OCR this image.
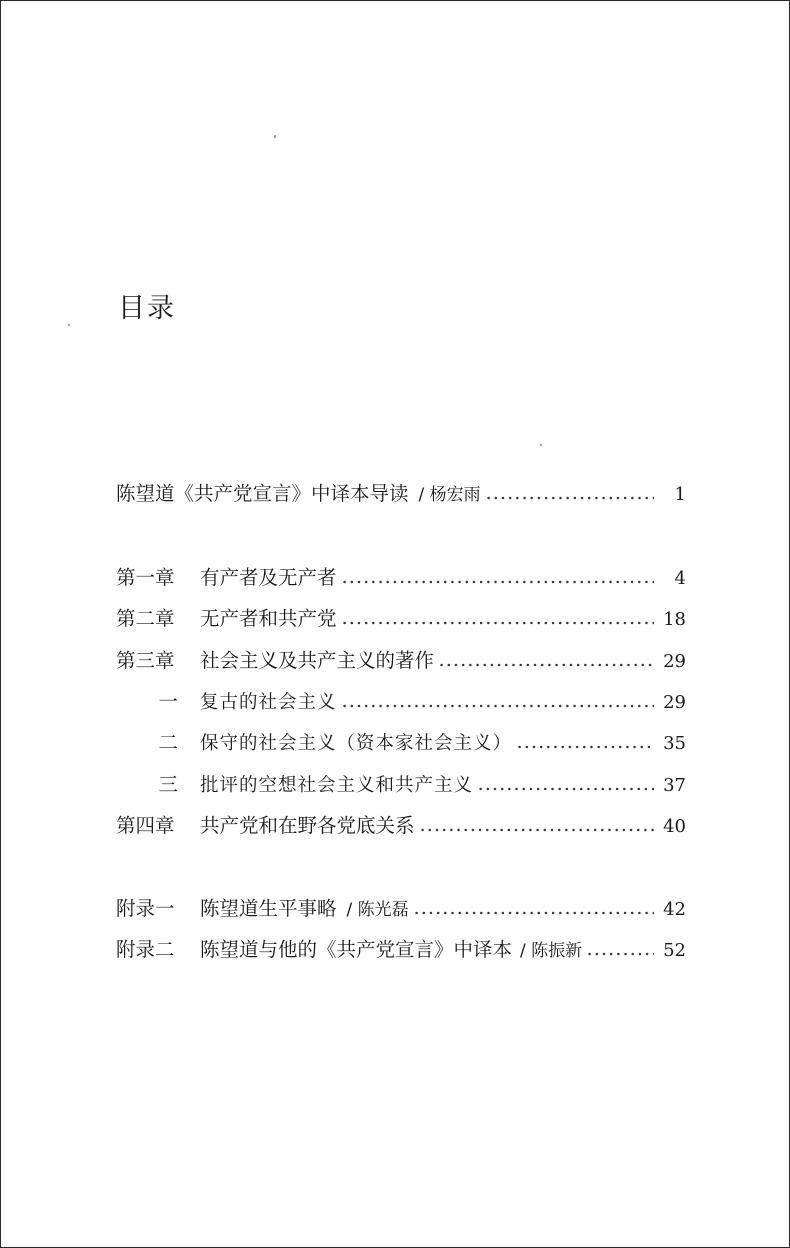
目录
陈望道《共产党宣言》中译本导读 / 杨宏雨	1
第一章	有产者及无产者	4
第二章	无产者和共产党	18
第三章	社会主义及共产主义的著作	29
一 复古的社会主义	29
二 保守的社会主义（资本家社会主义）	35
三 批评的空想社会主义和共产主义	37
第四章	共产党和在野各党底关系	40
附录一	陈望道生平事略 / 陈光磊	42
附录二	陈望道与他的《共产党宣言》中译本 / 陈振新	52
